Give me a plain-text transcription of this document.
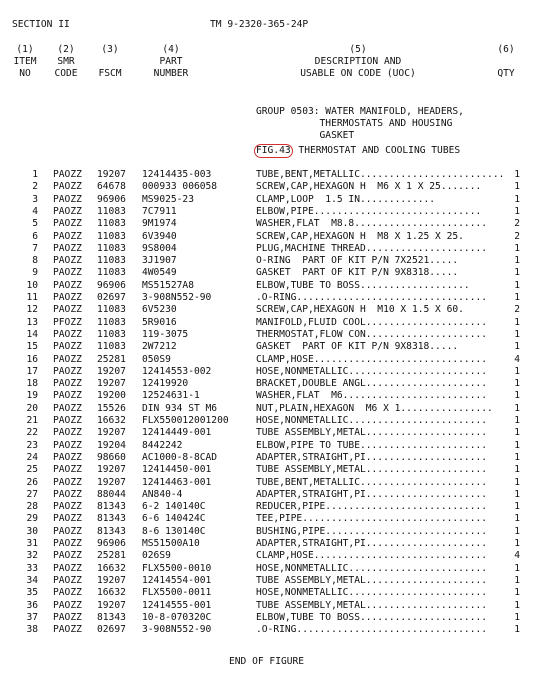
SECTION II	TM 9-2320-365-24P
(1)
ITEM
NO
(2)
SMR
CODE
(3)

FSCM
(4)
PART
NUMBER
(5)
DESCRIPTION AND
USABLE ON CODE (UOC)
(6)

QTY
GROUP 0503: WATER MANIFOLD, HEADERS,
THERMOSTATS AND HOUSING
GASKET
FIG.43 THERMOSTAT AND COOLING TUBES
1 PAOZZ 19207 12414435-003	TUBE,BENT,METALLIC.........................	1
2 PAOZZ 64678 000933 006058	SCREW,CAP,HEXAGON H  M6 X 1 X 25.......	1
3 PAOZZ 96906 MS9025-23	CLAMP,LOOP  1.5 IN.............	1
4 PAOZZ 11083 7C7911	ELBOW,PIPE.............................	1
5 PAOZZ 11083 9M1974	WASHER,FLAT  M8.8.......................	2
6 PAOZZ 11083 6V3940	SCREW,CAP,HEXAGON H  M8 X 1.25 X 25.	2
7 PAOZZ 11083 9S8004	PLUG,MACHINE THREAD.....................	1
8 PAOZZ 11083 3J1907	O-RING  PART OF KIT P/N 7X2521.....	1
9 PAOZZ 11083 4W0549	GASKET  PART OF KIT P/N 9X8318.....	1
10 PAOZZ 96906 MS51527A8	ELBOW,TUBE TO BOSS...................	1
11 PAOZZ 02697 3-908N552-90	.O-RING.................................	1
12 PAOZZ 11083 6V5230	SCREW,CAP,HEXAGON H  M10 X 1.5 X 60.	2
13 PFOZZ 11083 5R9016	MANIFOLD,FLUID COOL.....................	1
14 PAOZZ 11083 119-3075	THERMOSTAT,FLOW CON.....................	1
15 PAOZZ 11083 2W7212	GASKET  PART OF KIT P/N 9X8318.....	1
16 PAOZZ 25281 050S9	CLAMP,HOSE..............................	4
17 PAOZZ 19207 12414553-002	HOSE,NONMETALLIC........................	1
18 PAOZZ 19207 12419920	BRACKET,DOUBLE ANGL.....................	1
19 PAOZZ 19200 12524631-1	WASHER,FLAT  M6.........................	1
20 PAOZZ 15526 DIN 934 ST M6	NUT,PLAIN,HEXAGON  M6 X 1................	1
21 PAOZZ 16632 FLX550012001200	HOSE,NONMETALLIC........................	1
22 PAOZZ 19207 12414449-001	TUBE ASSEMBLY,METAL.....................	1
23 PAOZZ 19204 8442242	ELBOW,PIPE TO TUBE......................	1
24 PAOZZ 98660 AC1000-8-8CAD	ADAPTER,STRAIGHT,PI.....................	1
25 PAOZZ 19207 12414450-001	TUBE ASSEMBLY,METAL.....................	1
26 PAOZZ 19207 12414463-001	TUBE,BENT,METALLIC......................	1
27 PAOZZ 88044 AN840-4	ADAPTER,STRAIGHT,PI.....................	1
28 PAOZZ 81343 6-2 140140C	REDUCER,PIPE............................	1
29 PAOZZ 81343 6-6 140424C	TEE,PIPE................................	1
30 PAOZZ 81343 8-6 130140C	BUSHING,PIPE............................	1
31 PAOZZ 96906 MS51500A10	ADAPTER,STRAIGHT,PI.....................	1
32 PAOZZ 25281 026S9	CLAMP,HOSE..............................	4
33 PAOZZ 16632 FLX5500-0010	HOSE,NONMETALLIC........................	1
34 PAOZZ 19207 12414554-001	TUBE ASSEMBLY,METAL.....................	1
35 PAOZZ 16632 FLX5500-0011	HOSE,NONMETALLIC........................	1
36 PAOZZ 19207 12414555-001	TUBE ASSEMBLY,METAL.....................	1
37 PAOZZ 81343 10-8-070320C	ELBOW,TUBE TO BOSS......................	1
38 PAOZZ 02697 3-908N552-90	.O-RING.................................	1
END OF FIGURE
